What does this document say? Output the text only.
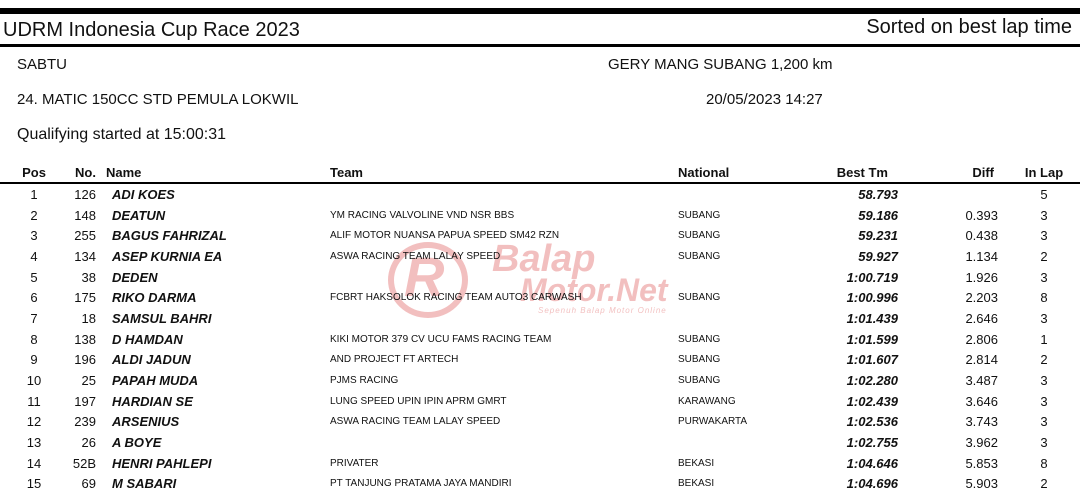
UDRM Indonesia Cup Race 2023	Sorted on best lap time
SABTU	GERY MANG SUBANG 1,200 km
24. MATIC 150CC STD PEMULA LOKWIL	20/05/2023 14:27
Qualifying started at 15:00:31
R Balap
Motor.Net
Sepenuh Balap Motor Online
Pos	No.	Name	Team	National	Best Tm	Diff	In Lap
1	126	ADI KOES			58.793		5
2	148	DEATUN	YM RACING VALVOLINE VND NSR BBS	SUBANG	59.186	0.393	3
3	255	BAGUS FAHRIZAL	ALIF MOTOR NUANSA PAPUA SPEED SM42 RZN	SUBANG	59.231	0.438	3
4	134	ASEP KURNIA EA	ASWA RACING TEAM LALAY SPEED	SUBANG	59.927	1.134	2
5	38	DEDEN			1:00.719	1.926	3
6	175	RIKO DARMA	FCBRT HAKSOLOK RACING TEAM AUTO3 CARWASH	SUBANG	1:00.996	2.203	8
7	18	SAMSUL BAHRI			1:01.439	2.646	3
8	138	D HAMDAN	KIKI MOTOR 379 CV UCU FAMS RACING TEAM	SUBANG	1:01.599	2.806	1
9	196	ALDI JADUN	AND PROJECT FT ARTECH	SUBANG	1:01.607	2.814	2
10	25	PAPAH MUDA	PJMS RACING	SUBANG	1:02.280	3.487	3
11	197	HARDIAN SE	LUNG SPEED UPIN IPIN APRM GMRT	KARAWANG	1:02.439	3.646	3
12	239	ARSENIUS	ASWA RACING TEAM LALAY SPEED	PURWAKARTA	1:02.536	3.743	3
13	26	A BOYE			1:02.755	3.962	3
14	52B	HENRI PAHLEPI	PRIVATER	BEKASI	1:04.646	5.853	8
15	69	M SABARI	PT TANJUNG PRATAMA JAYA MANDIRI	BEKASI	1:04.696	5.903	2
